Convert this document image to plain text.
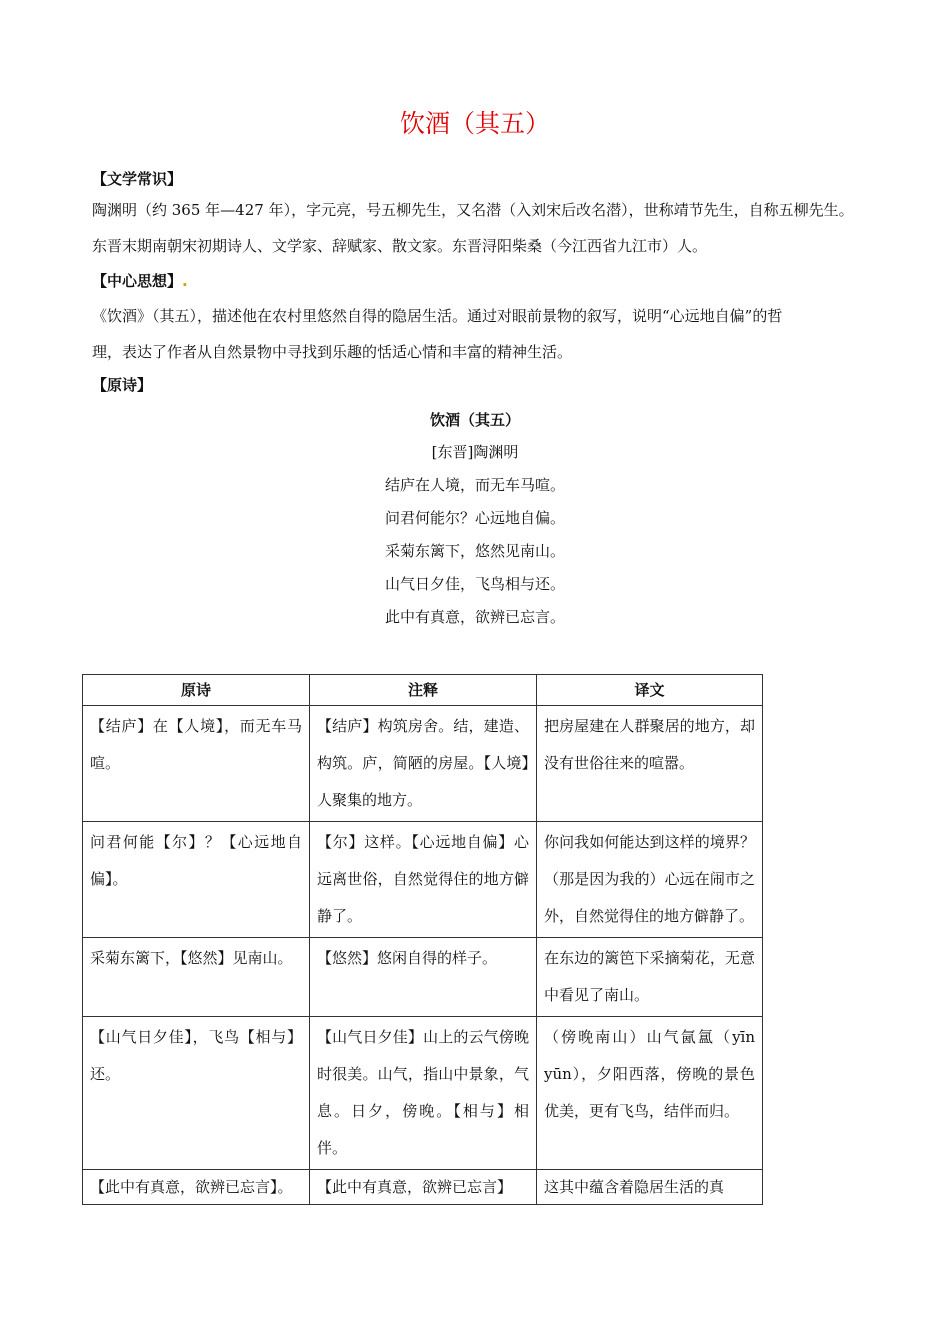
饮酒（其五）
【文学常识】

陶渊明（约 365 年—427 年），字元亮，号五柳先生，又名潜（入刘宋后改名潜），世称靖节先生，自称五柳先生。

东晋末期南朝宋初期诗人、文学家、辞赋家、散文家。东晋浔阳柴桑（今江西省九江市）人。

【中心思想】.

《饮酒》（其五），描述他在农村里悠然自得的隐居生活。通过对眼前景物的叙写，说明“心远地自偏”的哲

理，表达了作者从自然景物中寻找到乐趣的恬适心情和丰富的精神生活。

【原诗】
饮酒（其五）
[东晋]陶渊明
结庐在人境，而无车马喧。
问君何能尔？心远地自偏。
采菊东篱下，悠然见南山。
山气日夕佳，飞鸟相与还。
此中有真意，欲辨已忘言。
原诗	注释	译文
【结庐】在【人境】，而无车马喧。	【结庐】构筑房舍。结，建造、构筑。庐，简陋的房屋。【人境】人聚集的地方。	把房屋建在人群聚居的地方，却没有世俗往来的喧嚣。
问君何能【尔】？【心远地自偏】。	【尔】这样。【心远地自偏】心远离世俗，自然觉得住的地方僻静了。	你问我如何能达到这样的境界？（那是因为我的）心远在闹市之外，自然觉得住的地方僻静了。
采菊东篱下，【悠然】见南山。	【悠然】悠闲自得的样子。	在东边的篱笆下采摘菊花，无意中看见了南山。
【山气日夕佳】，飞鸟【相与】还。	【山气日夕佳】山上的云气傍晚时很美。山气，指山中景象，气息。日夕，傍晚。【相与】相伴。	（傍晚南山）山气氤氲（yīn yūn），夕阳西落，傍晚的景色优美，更有飞鸟，结伴而归。
【此中有真意，欲辨已忘言】。	【此中有真意，欲辨已忘言】	这其中蕴含着隐居生活的真
